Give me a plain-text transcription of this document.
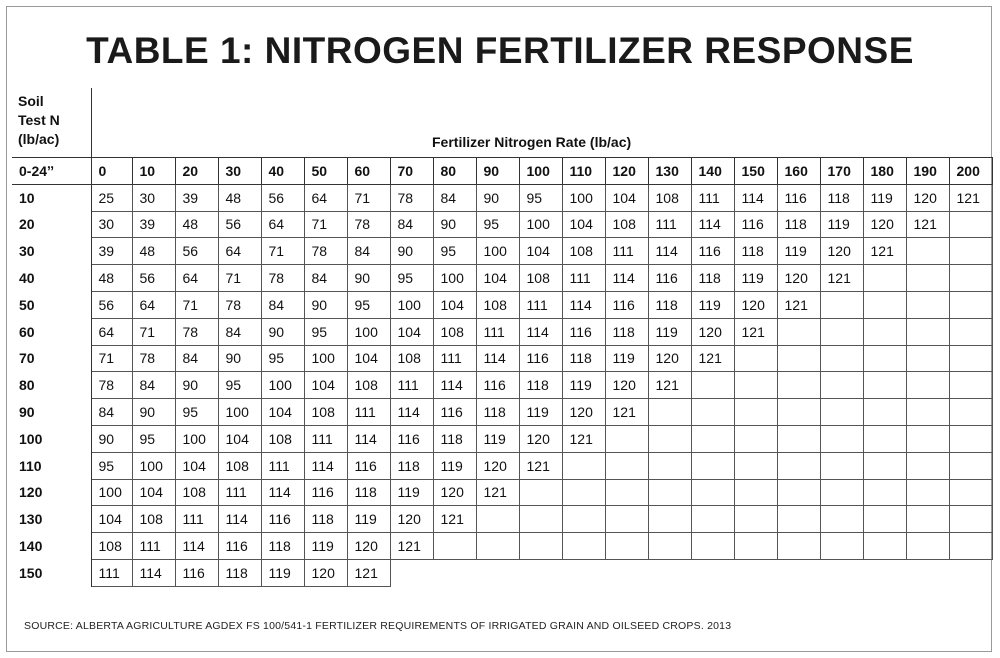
TABLE 1: NITROGEN FERTILIZER RESPONSE
Soil
Test N
(lb/ac)	Fertilizer Nitrogen Rate (lb/ac)
0-24ˮ	0	10	20	30	40	50	60	70	80	90	100	110	120	130	140	150	160	170	180	190	200
10	25	30	39	48	56	64	71	78	84	90	95	100	104	108	111	114	116	118	119	120	121
20	30	39	48	56	64	71	78	84	90	95	100	104	108	111	114	116	118	119	120	121	
30	39	48	56	64	71	78	84	90	95	100	104	108	111	114	116	118	119	120	121		
40	48	56	64	71	78	84	90	95	100	104	108	111	114	116	118	119	120	121			
50	56	64	71	78	84	90	95	100	104	108	111	114	116	118	119	120	121				
60	64	71	78	84	90	95	100	104	108	111	114	116	118	119	120	121					
70	71	78	84	90	95	100	104	108	111	114	116	118	119	120	121						
80	78	84	90	95	100	104	108	111	114	116	118	119	120	121							
90	84	90	95	100	104	108	111	114	116	118	119	120	121								
100	90	95	100	104	108	111	114	116	118	119	120	121									
110	95	100	104	108	111	114	116	118	119	120	121										
120	100	104	108	111	114	116	118	119	120	121											
130	104	108	111	114	116	118	119	120	121												
140	108	111	114	116	118	119	120	121													
150	111	114	116	118	119	120	121														
SOURCE: ALBERTA AGRICULTURE AGDEX FS 100/541-1 FERTILIZER REQUIREMENTS OF IRRIGATED GRAIN AND OILSEED CROPS. 2013
